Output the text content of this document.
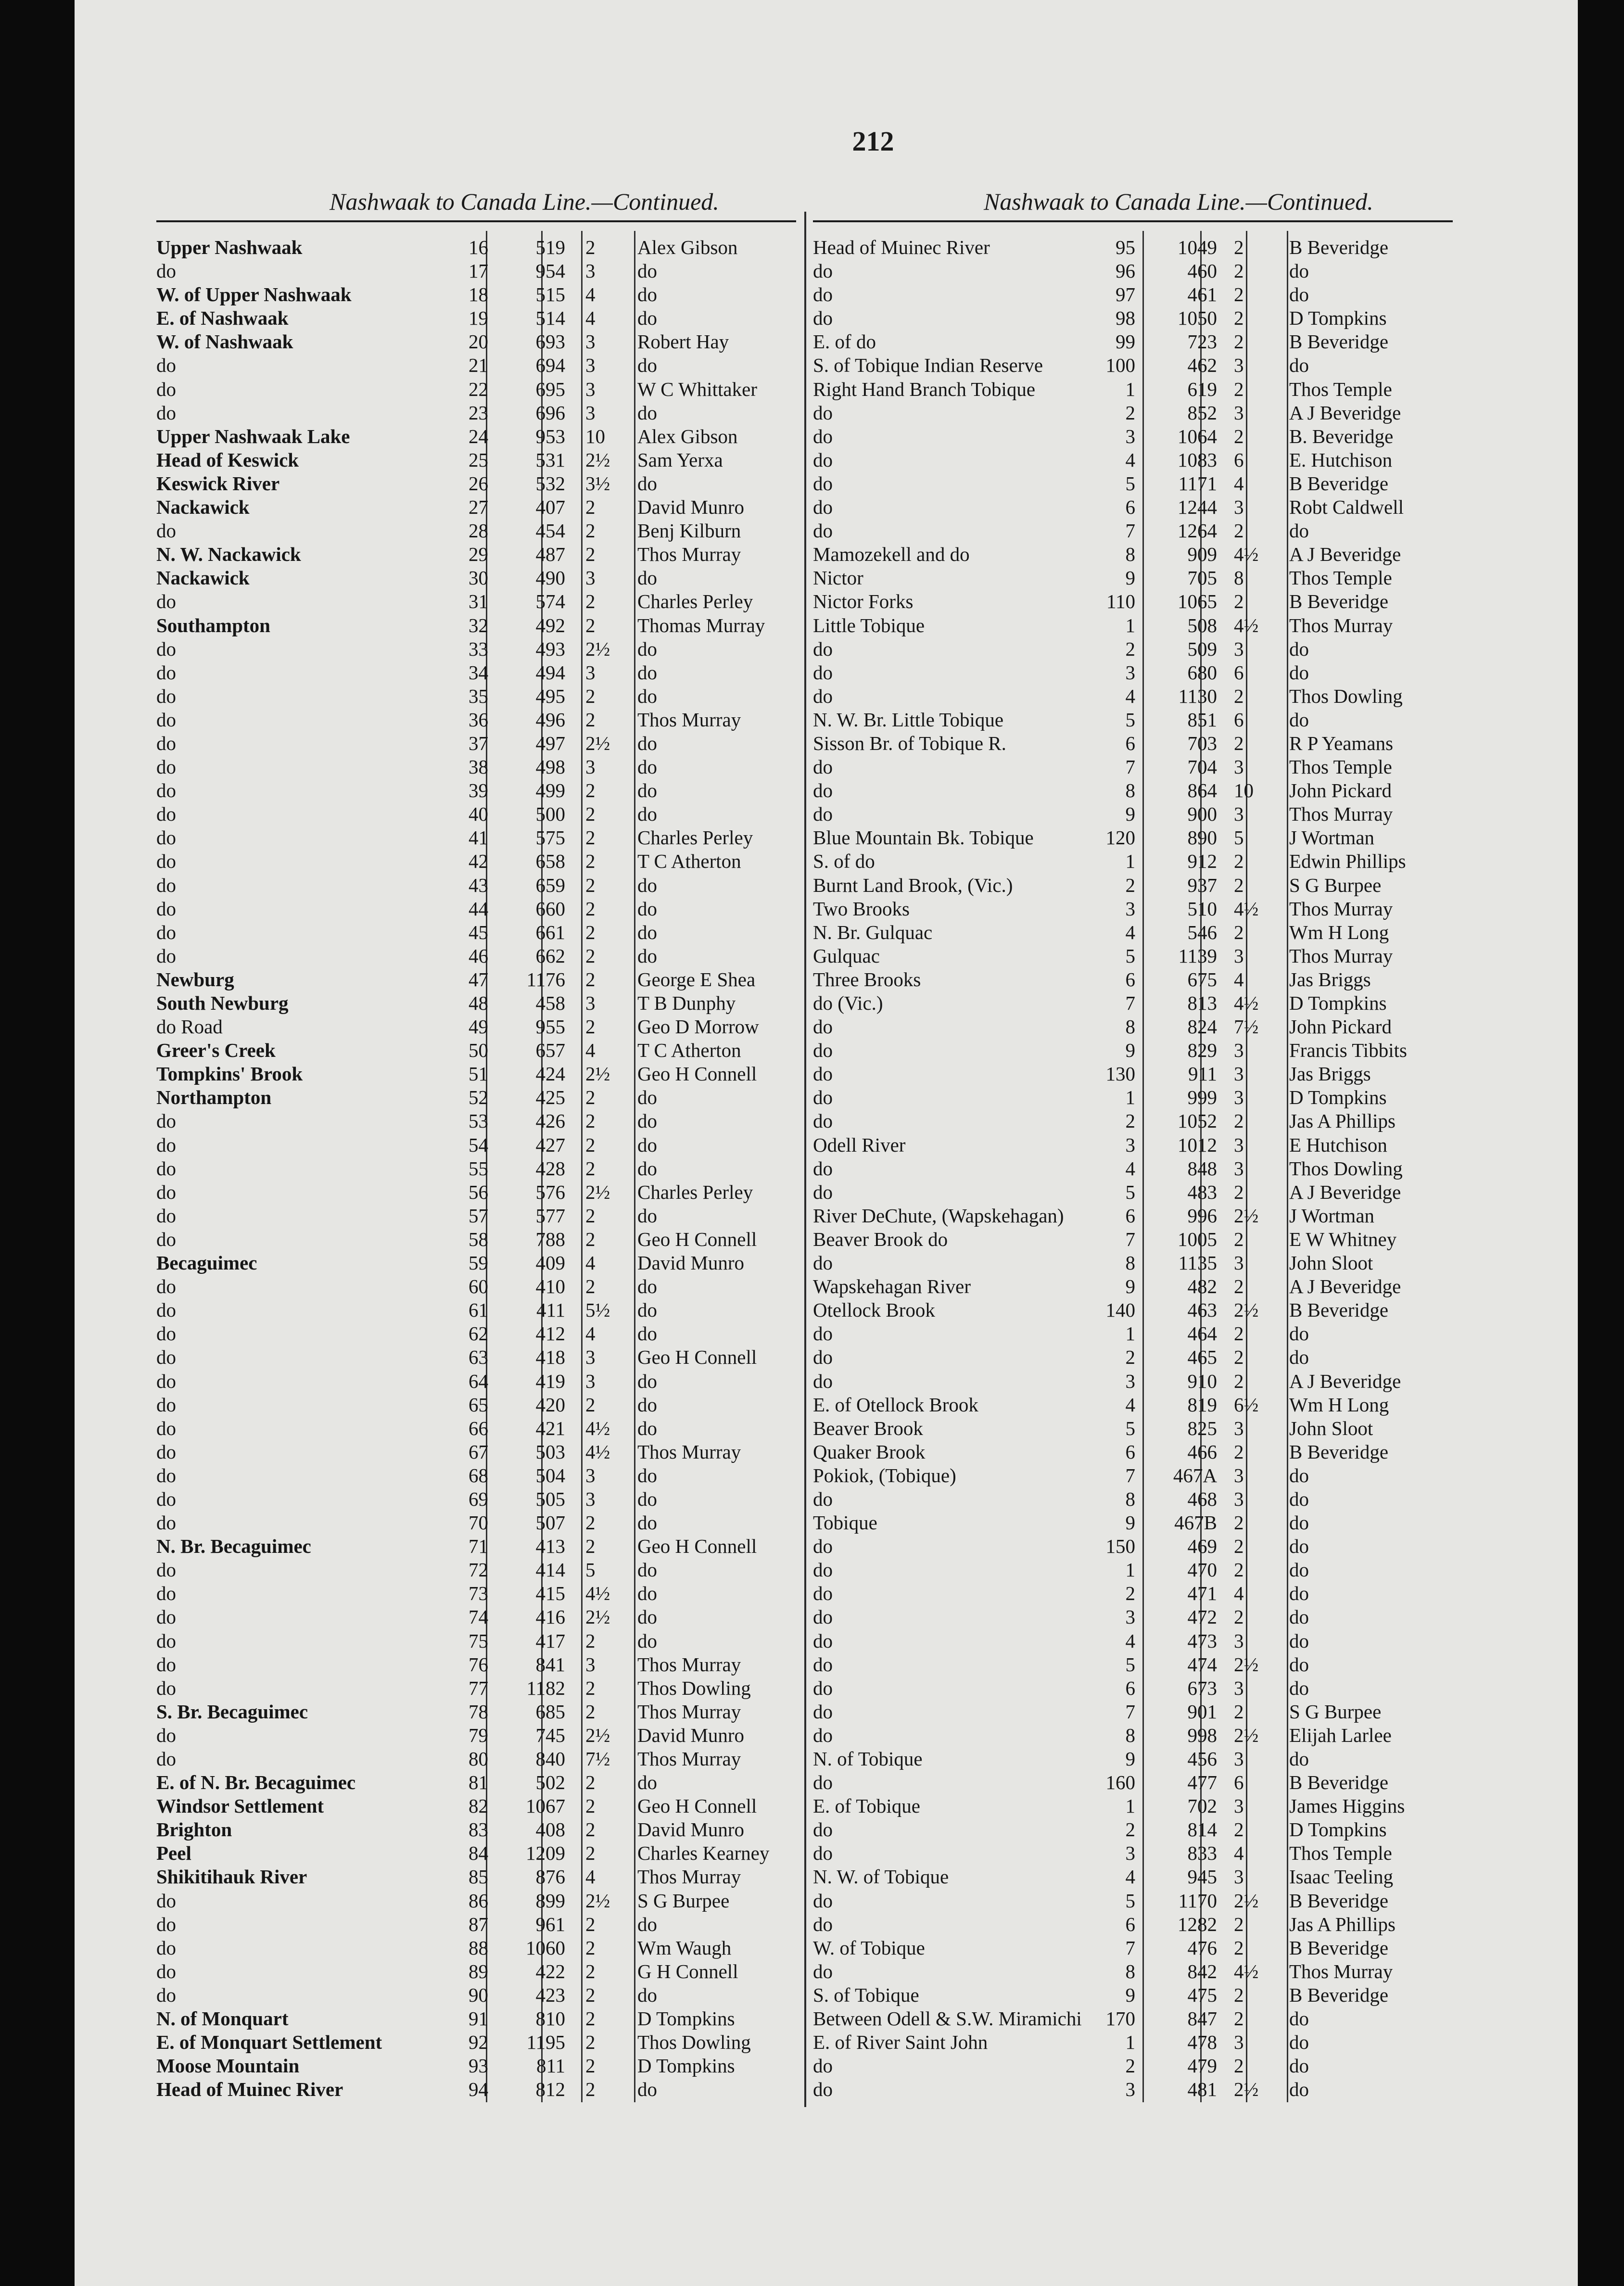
212
Nashwaak to Canada Line.—Continued.	Nashwaak to Canada Line.—Continued.
Upper Nashwaak	16	519 2 Alex Gibson
do	17	954 3 do
W. of Upper Nashwaak	18	515 4 do
E. of Nashwaak	19	514 4 do
W. of Nashwaak	20	693 3 Robert Hay
do	21	694 3 do
do	22	695 3 W C Whittaker
do	23	696 3 do
Upper Nashwaak Lake	24	953 10 Alex Gibson
Head of Keswick	25	531 2½ Sam Yerxa
Keswick River	26	532 3½ do
Nackawick	27	407 2 David Munro
do	28	454 2 Benj Kilburn
N. W. Nackawick	29	487 2 Thos Murray
Nackawick	30	490 3 do
do	31	574 2 Charles Perley
Southampton	32	492 2 Thomas Murray
do	33	493 2½ do
do	34	494 3 do
do	35	495 2 do
do	36	496 2 Thos Murray
do	37	497 2½ do
do	38	498 3 do
do	39	499 2 do
do	40	500 2 do
do	41	575 2 Charles Perley
do	42	658 2 T C Atherton
do	43	659 2 do
do	44	660 2 do
do	45	661 2 do
do	46	662 2 do
Newburg	47	1176 2 George E Shea
South Newburg	48	458 3 T B Dunphy
do Road	49	955 2 Geo D Morrow
Greer's Creek	50	657 4 T C Atherton
Tompkins' Brook	51	424 2½ Geo H Connell
Northampton	52	425 2 do
do	53	426 2 do
do	54	427 2 do
do	55	428 2 do
do	56	576 2½ Charles Perley
do	57	577 2 do
do	58	788 2 Geo H Connell
Becaguimec	59	409 4 David Munro
do	60	410 2 do
do	61	411 5½ do
do	62	412 4 do
do	63	418 3 Geo H Connell
do	64	419 3 do
do	65	420 2 do
do	66	421 4½ do
do	67	503 4½ Thos Murray
do	68	504 3 do
do	69	505 3 do
do	70	507 2 do
N. Br. Becaguimec	71	413 2 Geo H Connell
do	72	414 5 do
do	73	415 4½ do
do	74	416 2½ do
do	75	417 2 do
do	76	841 3 Thos Murray
do	77	1182 2 Thos Dowling
S. Br. Becaguimec	78	685 2 Thos Murray
do	79	745 2½ David Munro
do	80	840 7½ Thos Murray
E. of N. Br. Becaguimec	81	502 2 do
Windsor Settlement	82	1067 2 Geo H Connell
Brighton	83	408 2 David Munro
Peel	84	1209 2 Charles Kearney
Shikitihauk River	85	876 4 Thos Murray
do	86	899 2½ S G Burpee
do	87	961 2 do
do	88	1060 2 Wm Waugh
do	89	422 2 G H Connell
do	90	423 2 do
N. of Monquart	91	810 2 D Tompkins
E. of Monquart Settlement	92	1195 2 Thos Dowling
Moose Mountain	93	811 2 D Tompkins
Head of Muinec River	94	812 2 do
Head of Muinec River	95	1049 2 B Beveridge
do	96	460 2 do
do	97	461 2 do
do	98	1050 2 D Tompkins
E. of do	99	723 2 B Beveridge
S. of Tobique Indian Reserve	100	462 3 do
Right Hand Branch Tobique	1	619 2 Thos Temple
do	2	852 3 A J Beveridge
do	3	1064 2 B. Beveridge
do	4	1083 6 E. Hutchison
do	5	1171 4 B Beveridge
do	6	1244 3 Robt Caldwell
do	7	1264 2 do
Mamozekell and do	8	909 4½ A J Beveridge
Nictor	9	705 8 Thos Temple
Nictor Forks	110	1065 2 B Beveridge
Little Tobique	1	508 4½ Thos Murray
do	2	509 3 do
do	3	680 6 do
do	4	1130 2 Thos Dowling
N. W. Br. Little Tobique	5	851 6 do
Sisson Br. of Tobique R.	6	703 2 R P Yeamans
do	7	704 3 Thos Temple
do	8	864 10 John Pickard
do	9	900 3 Thos Murray
Blue Mountain Bk. Tobique	120	890 5 J Wortman
S. of do	1	912 2 Edwin Phillips
Burnt Land Brook, (Vic.)	2	937 2 S G Burpee
Two Brooks	3	510 4½ Thos Murray
N. Br. Gulquac	4	546 2 Wm H Long
Gulquac	5	1139 3 Thos Murray
Three Brooks	6	675 4 Jas Briggs
do (Vic.)	7	813 4½ D Tompkins
do	8	824 7½ John Pickard
do	9	829 3 Francis Tibbits
do	130	911 3 Jas Briggs
do	1	999 3 D Tompkins
do	2	1052 2 Jas A Phillips
Odell River	3	1012 3 E Hutchison
do	4	848 3 Thos Dowling
do	5	483 2 A J Beveridge
River DeChute, (Wapskehagan)	6	996 2½ J Wortman
Beaver Brook do	7	1005 2 E W Whitney
do	8	1135 3 John Sloot
Wapskehagan River	9	482 2 A J Beveridge
Otellock Brook	140	463 2½ B Beveridge
do	1	464 2 do
do	2	465 2 do
do	3	910 2 A J Beveridge
E. of Otellock Brook	4	819 6½ Wm H Long
Beaver Brook	5	825 3 John Sloot
Quaker Brook	6	466 2 B Beveridge
Pokiok, (Tobique)	7	467A 3 do
do	8	468 3 do
Tobique	9	467B 2 do
do	150	469 2 do
do	1	470 2 do
do	2	471 4 do
do	3	472 2 do
do	4	473 3 do
do	5	474 2½ do
do	6	673 3 do
do	7	901 2 S G Burpee
do	8	998 2½ Elijah Larlee
N. of Tobique	9	456 3 do
do	160	477 6 B Beveridge
E. of Tobique	1	702 3 James Higgins
do	2	814 2 D Tompkins
do	3	833 4 Thos Temple
N. W. of Tobique	4	945 3 Isaac Teeling
do	5	1170 2½ B Beveridge
do	6	1282 2 Jas A Phillips
W. of Tobique	7	476 2 B Beveridge
do	8	842 4½ Thos Murray
S. of Tobique	9	475 2 B Beveridge
Between Odell & S.W. Miramichi	170	847 2 do
E. of River Saint John	1	478 3 do
do	2	479 2 do
do	3	481 2½ do
